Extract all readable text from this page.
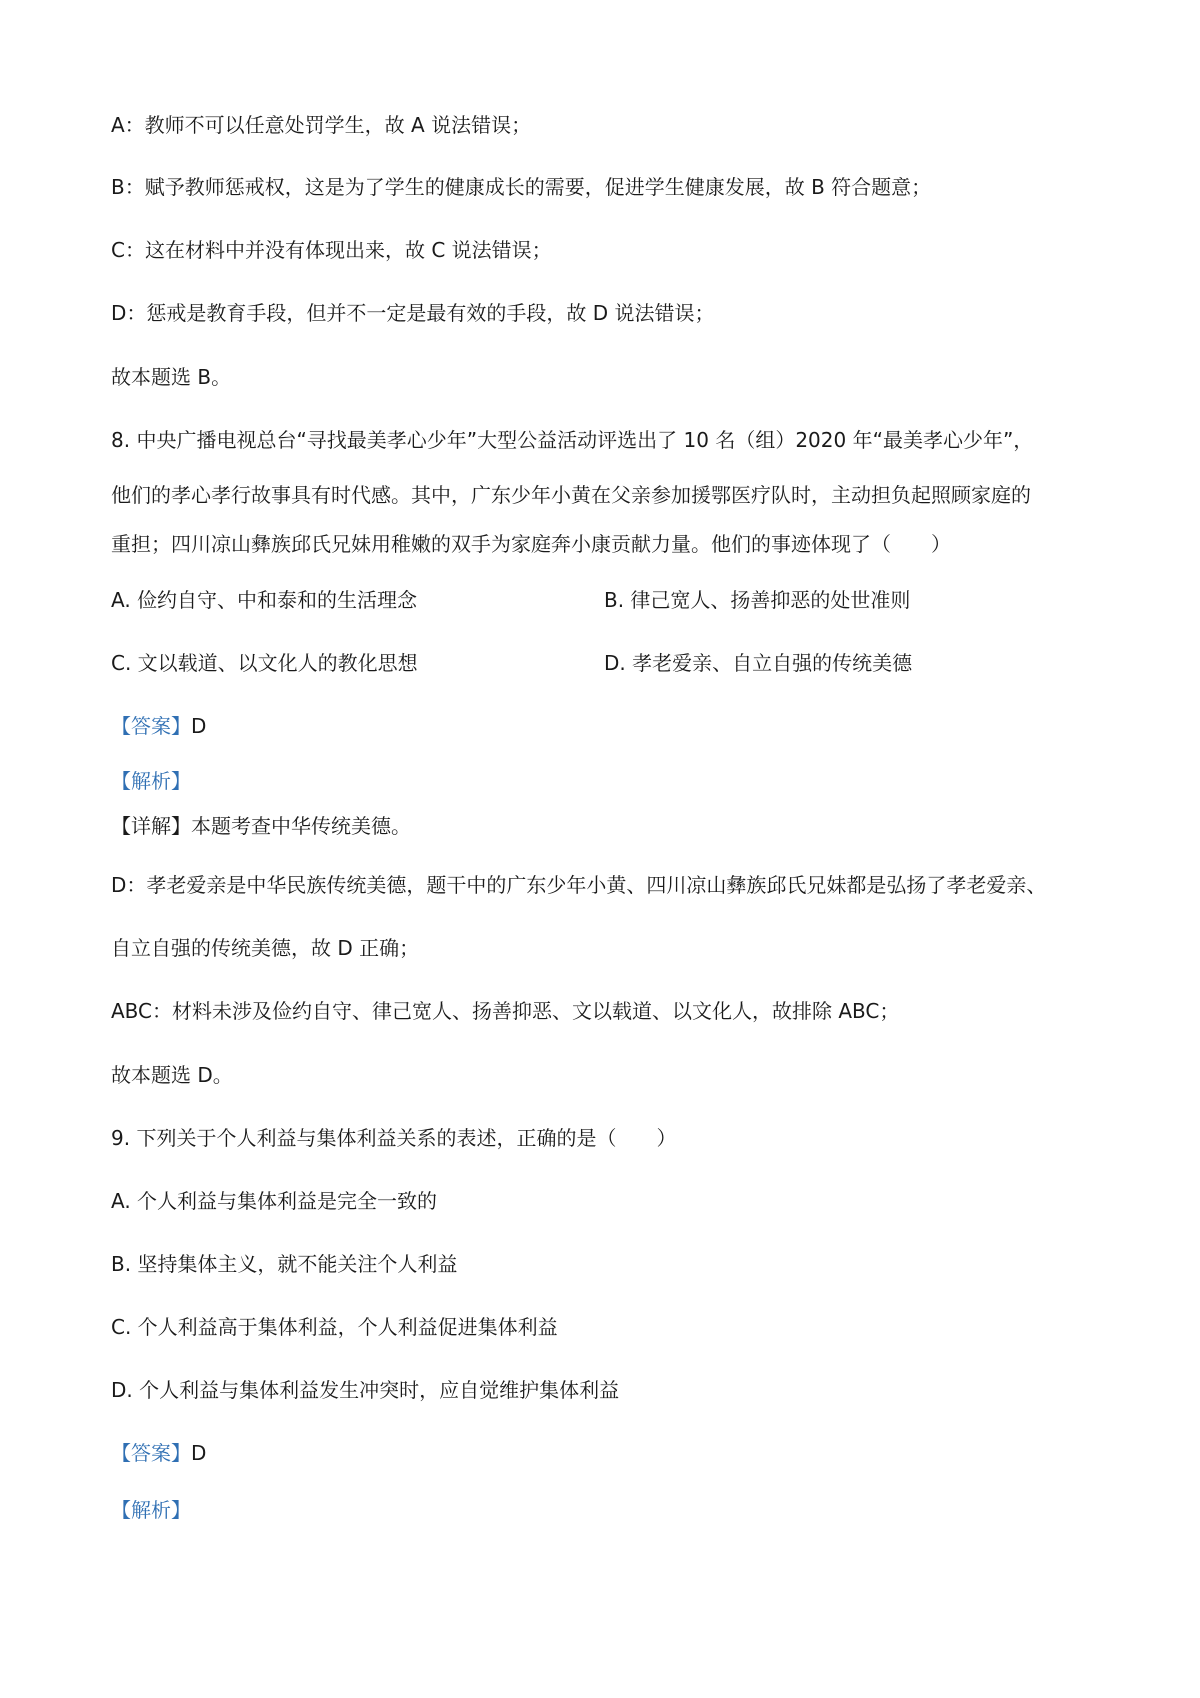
A：教师不可以任意处罚学生，故 A 说法错误；
B：赋予教师惩戒权，这是为了学生的健康成长的需要，促进学生健康发展，故 B 符合题意；
C：这在材料中并没有体现出来，故 C 说法错误；
D：惩戒是教育手段，但并不一定是最有效的手段，故 D 说法错误；
故本题选 B。
8. 中央广播电视总台“寻找最美孝心少年”大型公益活动评选出了 10 名（组）2020 年“最美孝心少年”，
他们的孝心孝行故事具有时代感。其中，广东少年小黄在父亲参加援鄂医疗队时，主动担负起照顾家庭的
重担；四川凉山彝族邱氏兄妹用稚嫩的双手为家庭奔小康贡献力量。他们的事迹体现了（　　）
A. 俭约自守、中和泰和的生活理念	B. 律己宽人、扬善抑恶的处世准则
C. 文以载道、以文化人的教化思想	D. 孝老爱亲、自立自强的传统美德
【答案】D
【解析】
【详解】本题考查中华传统美德。
D：孝老爱亲是中华民族传统美德，题干中的广东少年小黄、四川凉山彝族邱氏兄妹都是弘扬了孝老爱亲、
自立自强的传统美德，故 D 正确；
ABC：材料未涉及俭约自守、律己宽人、扬善抑恶、文以载道、以文化人，故排除 ABC；
故本题选 D。
9. 下列关于个人利益与集体利益关系的表述，正确的是（　　）
A. 个人利益与集体利益是完全一致的
B. 坚持集体主义，就不能关注个人利益
C. 个人利益高于集体利益，个人利益促进集体利益
D. 个人利益与集体利益发生冲突时，应自觉维护集体利益
【答案】D
【解析】
